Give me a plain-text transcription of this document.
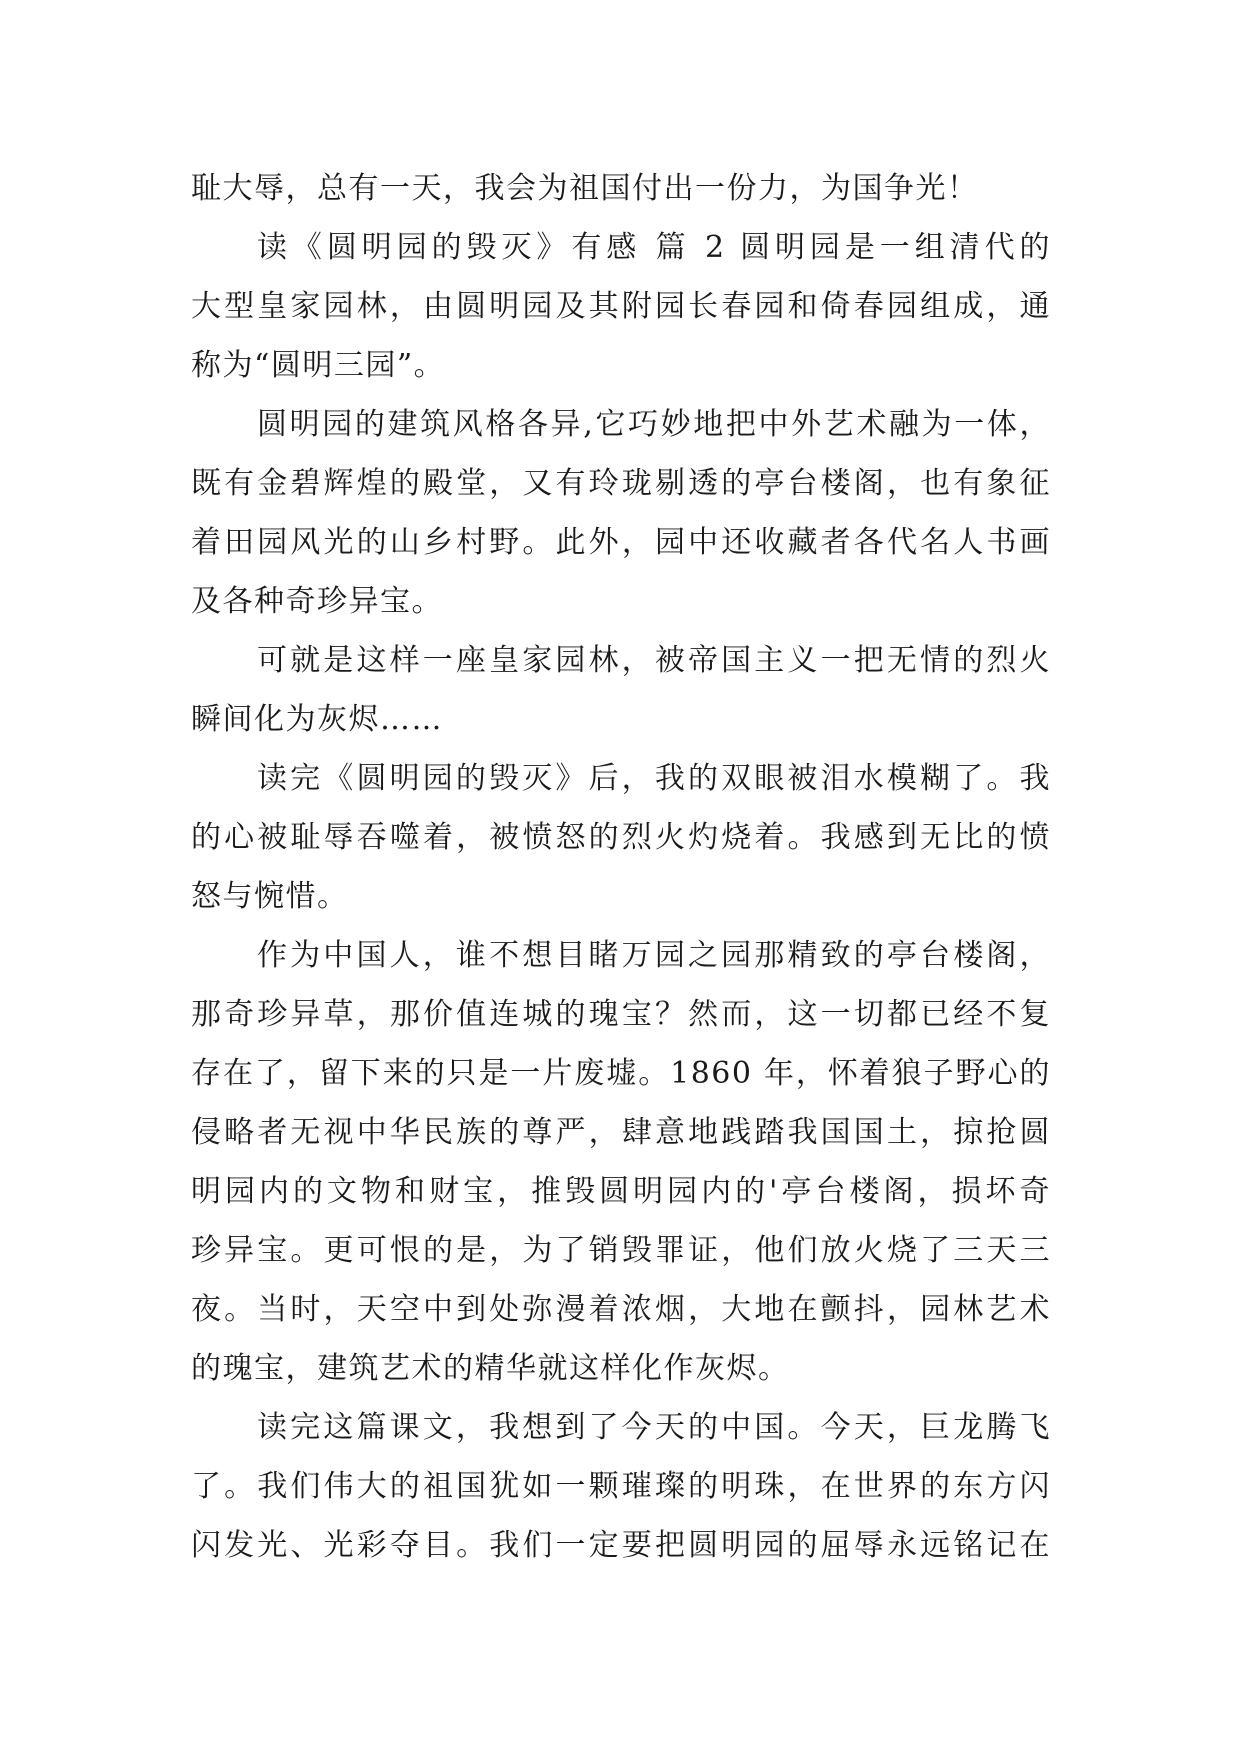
耻大辱，总有一天，我会为祖国付出一份力，为国争光！
读《圆明园的毁灭》有感 篇 2 圆明园是一组清代的
大型皇家园林，由圆明园及其附园长春园和倚春园组成，通
称为“圆明三园”。
圆明园的建筑风格各异,它巧妙地把中外艺术融为一体，
既有金碧辉煌的殿堂，又有玲珑剔透的亭台楼阁，也有象征
着田园风光的山乡村野。此外，园中还收藏者各代名人书画
及各种奇珍异宝。
可就是这样一座皇家园林，被帝国主义一把无情的烈火
瞬间化为灰烬……
读完《圆明园的毁灭》后，我的双眼被泪水模糊了。我
的心被耻辱吞噬着，被愤怒的烈火灼烧着。我感到无比的愤
怒与惋惜。
作为中国人，谁不想目睹万园之园那精致的亭台楼阁，
那奇珍异草，那价值连城的瑰宝？然而，这一切都已经不复
存在了，留下来的只是一片废墟。1860 年，怀着狼子野心的
侵略者无视中华民族的尊严，肆意地践踏我国国土，掠抢圆
明园内的文物和财宝，推毁圆明园内的'亭台楼阁，损坏奇
珍异宝。更可恨的是，为了销毁罪证，他们放火烧了三天三
夜。当时，天空中到处弥漫着浓烟，大地在颤抖，园林艺术
的瑰宝，建筑艺术的精华就这样化作灰烬。
读完这篇课文，我想到了今天的中国。今天，巨龙腾飞
了。我们伟大的祖国犹如一颗璀璨的明珠，在世界的东方闪
闪发光、光彩夺目。我们一定要把圆明园的屈辱永远铭记在
